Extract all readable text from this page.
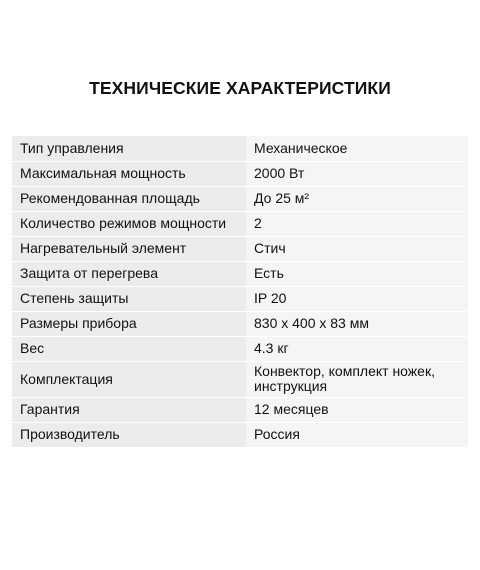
ТЕХНИЧЕСКИЕ ХАРАКТЕРИСТИКИ
Тип управления	Механическое
Максимальная мощность	2000 Вт
Рекомендованная площадь	До 25 м²
Количество режимов мощности	2
Нагревательный элемент	Стич
Защита от перегрева	Есть
Степень защиты	IP 20
Размеры прибора	830 х 400 х 83 мм
Вес	4.3 кг
Комплектация	Конвектор, комплект ножек, инструкция
Гарантия	12 месяцев
Производитель	Россия
